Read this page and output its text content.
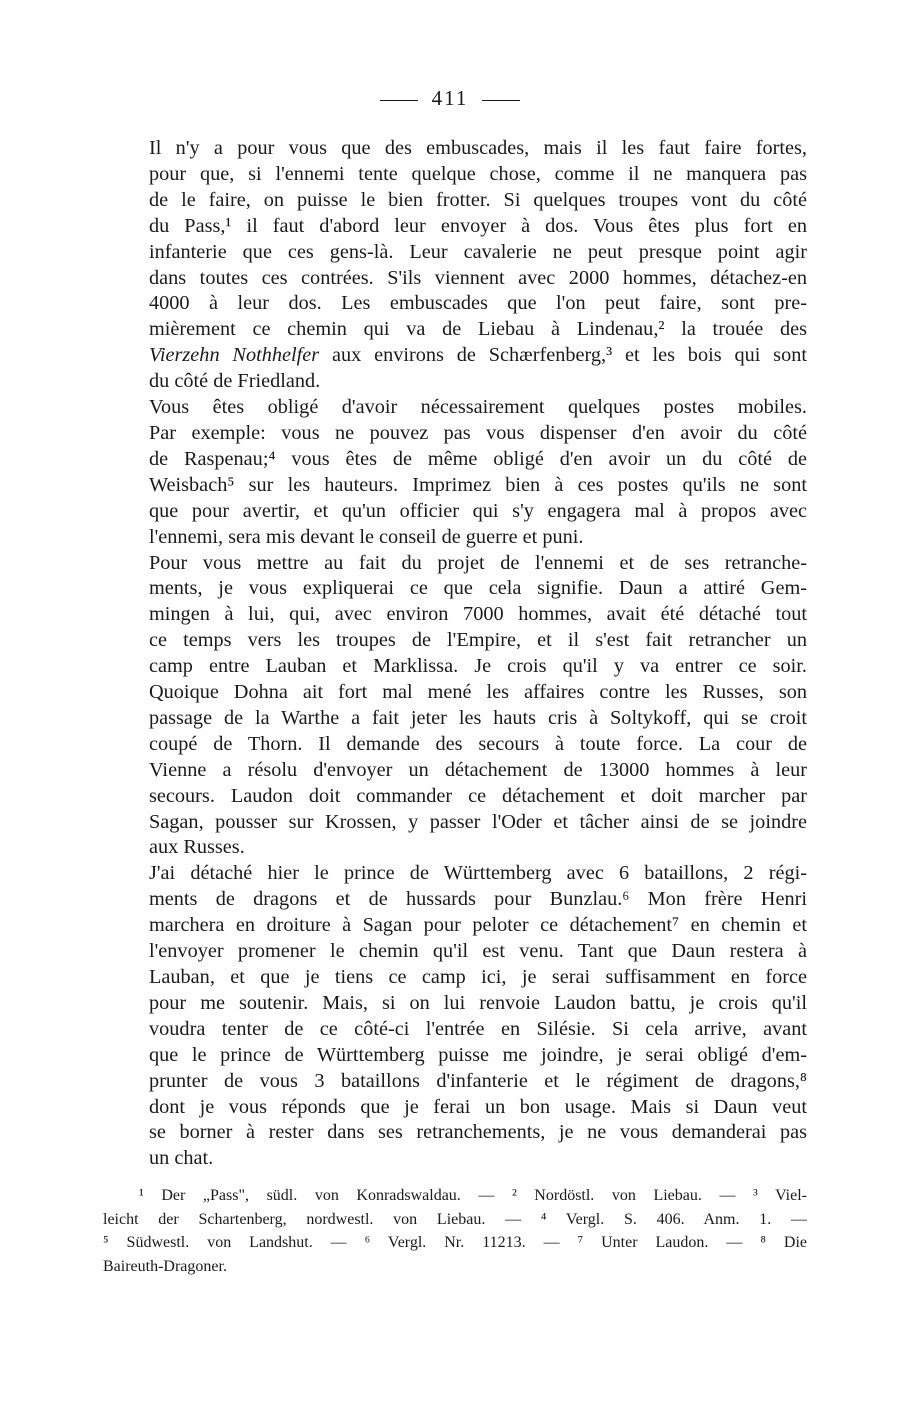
411

Il n'y a pour vous que des embuscades, mais il les faut faire fortes,
pour que, si l'ennemi tente quelque chose, comme il ne manquera pas
de le faire, on puisse le bien frotter. Si quelques troupes vont du côté
du Pass,¹ il faut d'abord leur envoyer à dos. Vous êtes plus fort en
infanterie que ces gens-là. Leur cavalerie ne peut presque point agir
dans toutes ces contrées. S'ils viennent avec 2000 hommes, détachez-en
4000 à leur dos. Les embuscades que l'on peut faire, sont pre-
mièrement ce chemin qui va de Liebau à Lindenau,² la trouée des
Vierzehn Nothhelfer aux environs de Schærfenberg,³ et les bois qui sont
du côté de Friedland.

Vous êtes obligé d'avoir nécessairement quelques postes mobiles.
Par exemple: vous ne pouvez pas vous dispenser d'en avoir du côté
de Raspenau;⁴ vous êtes de même obligé d'en avoir un du côté de
Weisbach⁵ sur les hauteurs. Imprimez bien à ces postes qu'ils ne sont
que pour avertir, et qu'un officier qui s'y engagera mal à propos avec
l'ennemi, sera mis devant le conseil de guerre et puni.

Pour vous mettre au fait du projet de l'ennemi et de ses retranche-
ments, je vous expliquerai ce que cela signifie. Daun a attiré Gem-
mingen à lui, qui, avec environ 7000 hommes, avait été détaché tout
ce temps vers les troupes de l'Empire, et il s'est fait retrancher un
camp entre Lauban et Marklissa. Je crois qu'il y va entrer ce soir.
Quoique Dohna ait fort mal mené les affaires contre les Russes, son
passage de la Warthe a fait jeter les hauts cris à Soltykoff, qui se croit
coupé de Thorn. Il demande des secours à toute force. La cour de
Vienne a résolu d'envoyer un détachement de 13000 hommes à leur
secours. Laudon doit commander ce détachement et doit marcher par
Sagan, pousser sur Krossen, y passer l'Oder et tâcher ainsi de se joindre
aux Russes.

J'ai détaché hier le prince de Württemberg avec 6 bataillons, 2 régi-
ments de dragons et de hussards pour Bunzlau.⁶ Mon frère Henri
marchera en droiture à Sagan pour peloter ce détachement⁷ en chemin et
l'envoyer promener le chemin qu'il est venu. Tant que Daun restera à
Lauban, et que je tiens ce camp ici, je serai suffisamment en force
pour me soutenir. Mais, si on lui renvoie Laudon battu, je crois qu'il
voudra tenter de ce côté-ci l'entrée en Silésie. Si cela arrive, avant
que le prince de Württemberg puisse me joindre, je serai obligé d'em-
prunter de vous 3 bataillons d'infanterie et le régiment de dragons,⁸
dont je vous réponds que je ferai un bon usage. Mais si Daun veut
se borner à rester dans ses retranchements, je ne vous demanderai pas
un chat.

¹ Der „Pass", südl. von Konradswaldau. — ² Nordöstl. von Liebau. — ³ Viel-
leicht der Schartenberg, nordwestl. von Liebau. — ⁴ Vergl. S. 406. Anm. 1. —
⁵ Südwestl. von Landshut. — ⁶ Vergl. Nr. 11213. — ⁷ Unter Laudon. — ⁸ Die
Baireuth-Dragoner.
